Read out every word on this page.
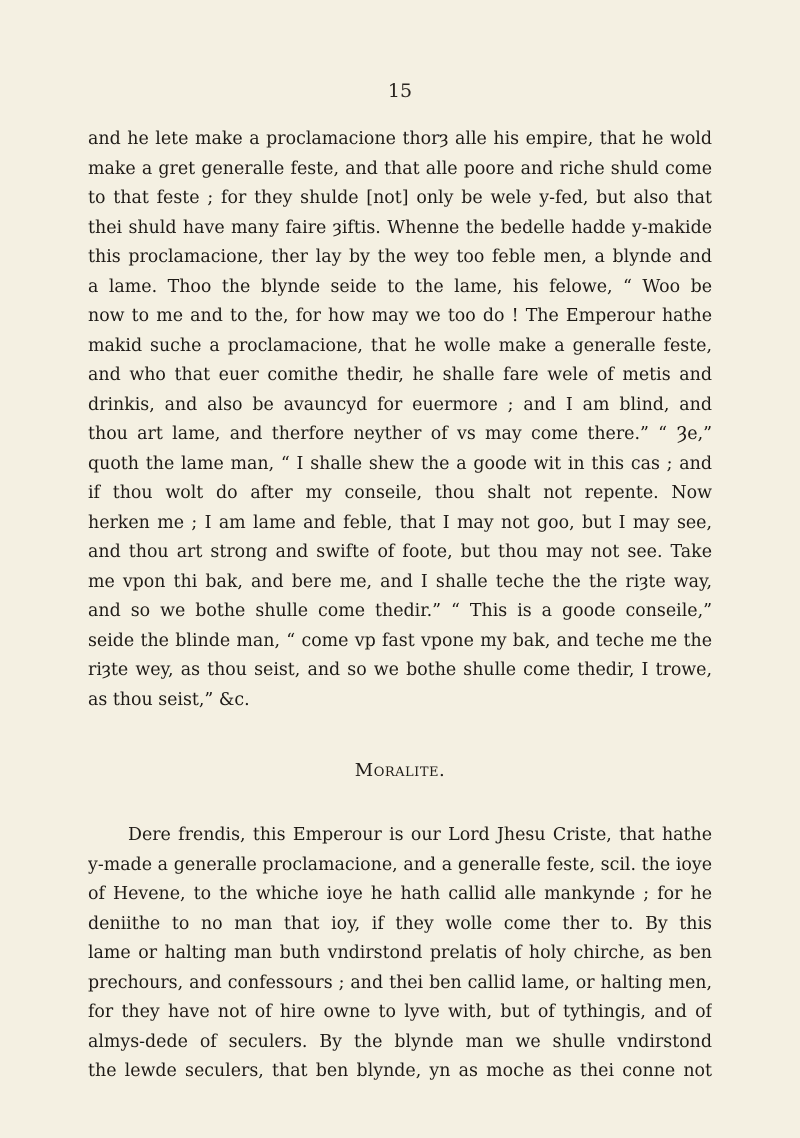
15
and he lete make a proclamacione thorȝ alle his empire, that he wold
make a gret generalle feste, and that alle poore and riche shuld come
to that feste ; for they shulde [not] only be wele y-fed, but also that
thei shuld have many faire ȝiftis. Whenne the bedelle hadde y-makide
this proclamacione, ther lay by the wey too feble men, a blynde and
a lame. Thoo the blynde seide to the lame, his felowe, “ Woo be
now to me and to the, for how may we too do ! The Emperour hathe
makid suche a proclamacione, that he wolle make a generalle feste,
and who that euer comithe thedir, he shalle fare wele of metis and
drinkis, and also be avauncyd for euermore ; and I am blind, and
thou art lame, and therfore neyther of vs may come there.” “ Ȝe,”
quoth the lame man, “ I shalle shew the a goode wit in this cas ; and
if thou wolt do after my conseile, thou shalt not repente. Now
herken me ; I am lame and feble, that I may not goo, but I may see,
and thou art strong and swifte of foote, but thou may not see. Take
me vpon thi bak, and bere me, and I shalle teche the the riȝte way,
and so we bothe shulle come thedir.” “ This is a goode conseile,”
seide the blinde man, “ come vp fast vpone my bak, and teche me the
riȝte wey, as thou seist, and so we bothe shulle come thedir, I trowe,
as thou seist,” &c.
Moralite.
Dere frendis, this Emperour is our Lord Jhesu Criste, that hathe
y-made a generalle proclamacione, and a generalle feste, scil. the ioye
of Hevene, to the whiche ioye he hath callid alle mankynde ; for he
deniithe to no man that ioy, if they wolle come ther to. By this
lame or halting man buth vndirstond prelatis of holy chirche, as ben
prechours, and confessours ; and thei ben callid lame, or halting men,
for they have not of hire owne to lyve with, but of tythingis, and of
almys-dede of seculers. By the blynde man we shulle vndirstond
the lewde seculers, that ben blynde, yn as moche as thei conne not
